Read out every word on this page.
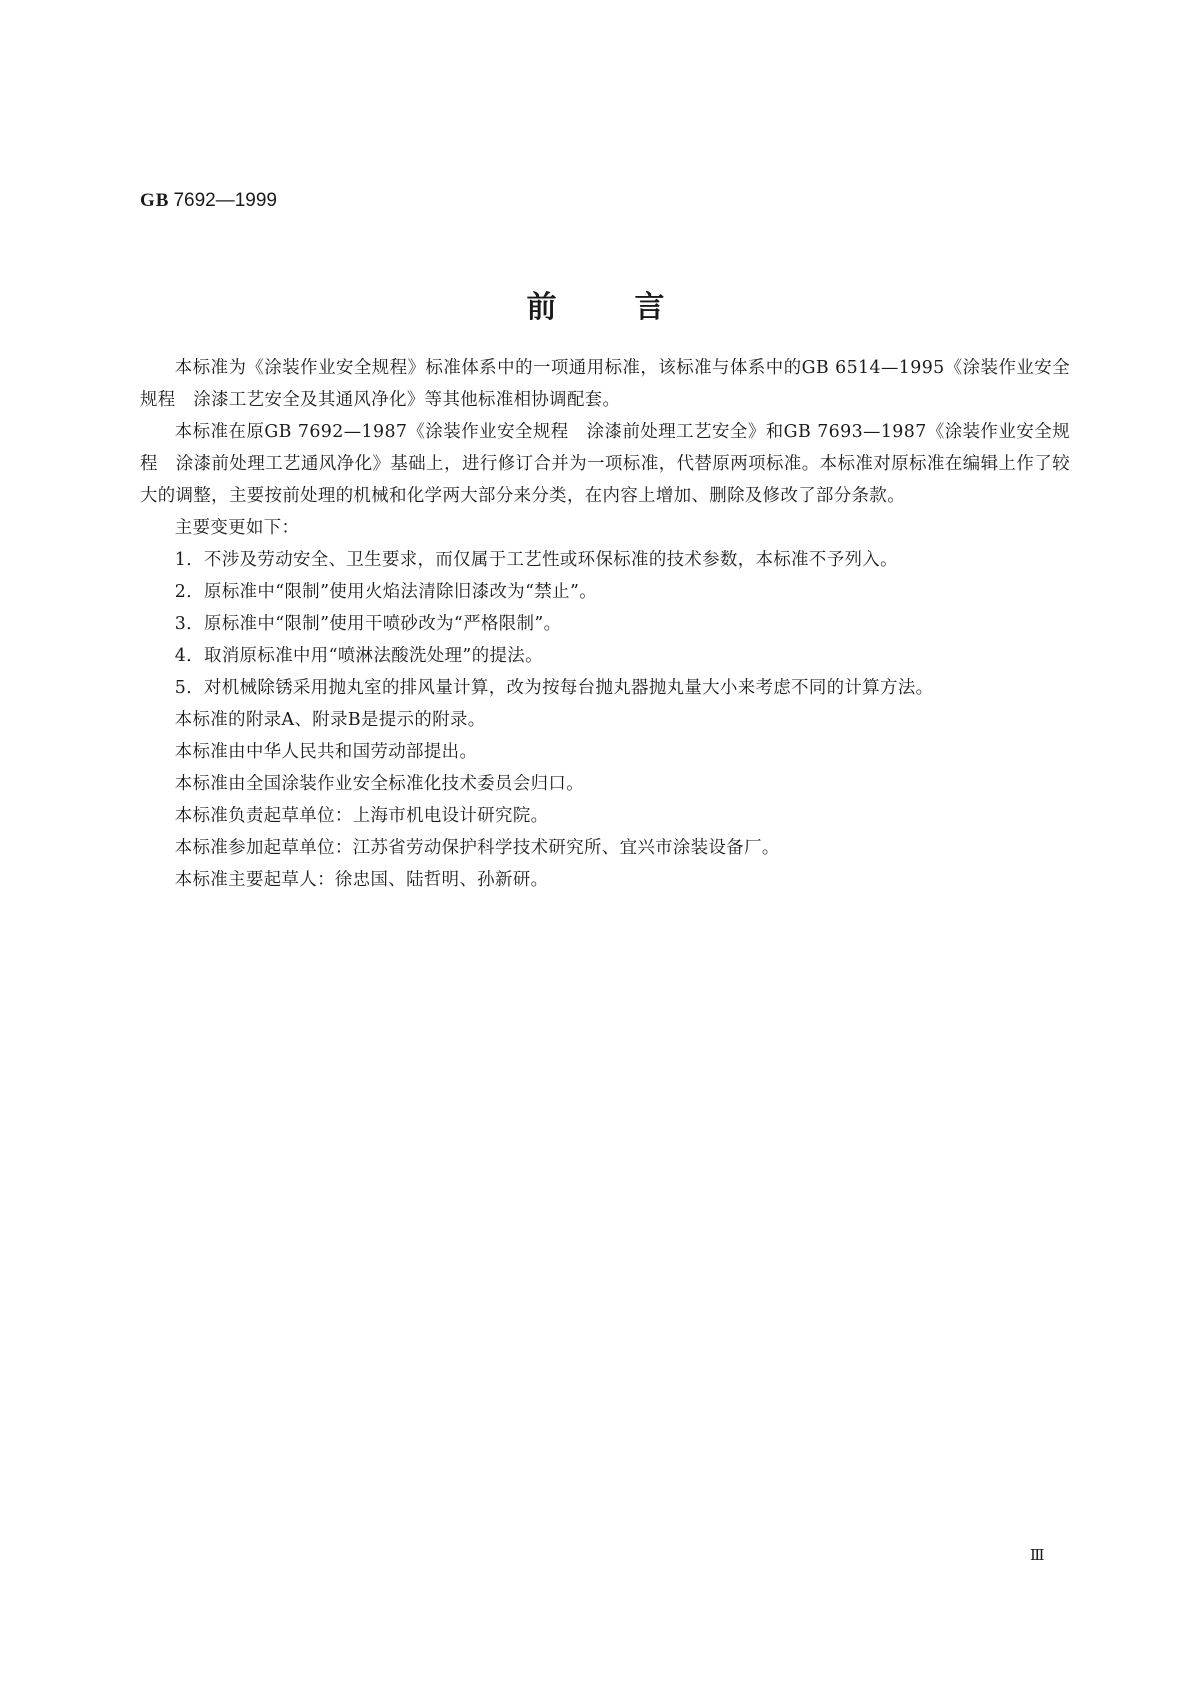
GB 7692—1999
前言

本标准为《涂装作业安全规程》标准体系中的一项通用标准，该标准与体系中的GB 6514—1995《涂装作业安全规程　涂漆工艺安全及其通风净化》等其他标准相协调配套。

本标准在原GB 7692—1987《涂装作业安全规程　涂漆前处理工艺安全》和GB 7693—1987《涂装作业安全规程　涂漆前处理工艺通风净化》基础上，进行修订合并为一项标准，代替原两项标准。本标准对原标准在编辑上作了较大的调整，主要按前处理的机械和化学两大部分来分类，在内容上增加、删除及修改了部分条款。

主要变更如下：

1．不涉及劳动安全、卫生要求，而仅属于工艺性或环保标准的技术参数，本标准不予列入。

2．原标准中“限制”使用火焰法清除旧漆改为“禁止”。

3．原标准中“限制”使用干喷砂改为“严格限制”。

4．取消原标准中用“喷淋法酸洗处理”的提法。

5．对机械除锈采用抛丸室的排风量计算，改为按每台抛丸器抛丸量大小来考虑不同的计算方法。

本标准的附录A、附录B是提示的附录。

本标准由中华人民共和国劳动部提出。

本标准由全国涂装作业安全标准化技术委员会归口。

本标准负责起草单位：上海市机电设计研究院。

本标准参加起草单位：江苏省劳动保护科学技术研究所、宜兴市涂装设备厂。

本标准主要起草人：徐忠国、陆哲明、孙新研。

Ⅲ
